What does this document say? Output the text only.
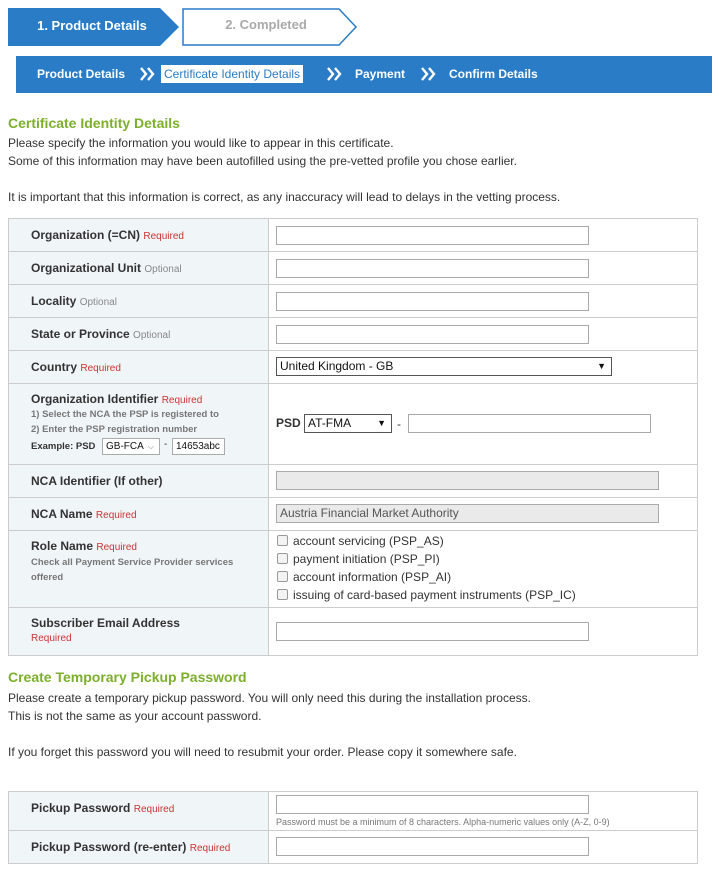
1. Product Details	2. Completed
Product Details	Certificate Identity Details	Payment	Confirm Details
Certificate Identity Details
Please specify the information you would like to appear in this certificate.
Some of this information may have been autofilled using the pre-vetted profile you chose earlier.
It is important that this information is correct, as any inaccuracy will lead to delays in the vetting process.
Organization (=CN) Required
Organizational Unit Optional
Locality Optional
State or Province Optional
Country Required	United Kingdom - GB	▼
Organization Identifier Required
1) Select the NCA the PSP is registered to
2) Enter the PSP registration number
Example: PSD	GB-FCA ⌵ - 14653abc
PSD AT-FMA	▼ -
NCA Identifier (If other)
NCA Name Required	Austria Financial Market Authority
Role Name Required
Check all Payment Service Provider services offered
account servicing (PSP_AS)
payment initiation (PSP_PI)
account information (PSP_AI)
issuing of card-based payment instruments (PSP_IC)
Subscriber Email Address
Required
Create Temporary Pickup Password
Please create a temporary pickup password. You will only need this during the installation process.
This is not the same as your account password.
If you forget this password you will need to resubmit your order. Please copy it somewhere safe.
Pickup Password Required
Password must be a minimum of 8 characters. Alpha-numeric values only (A-Z, 0-9)
Pickup Password (re-enter) Required
